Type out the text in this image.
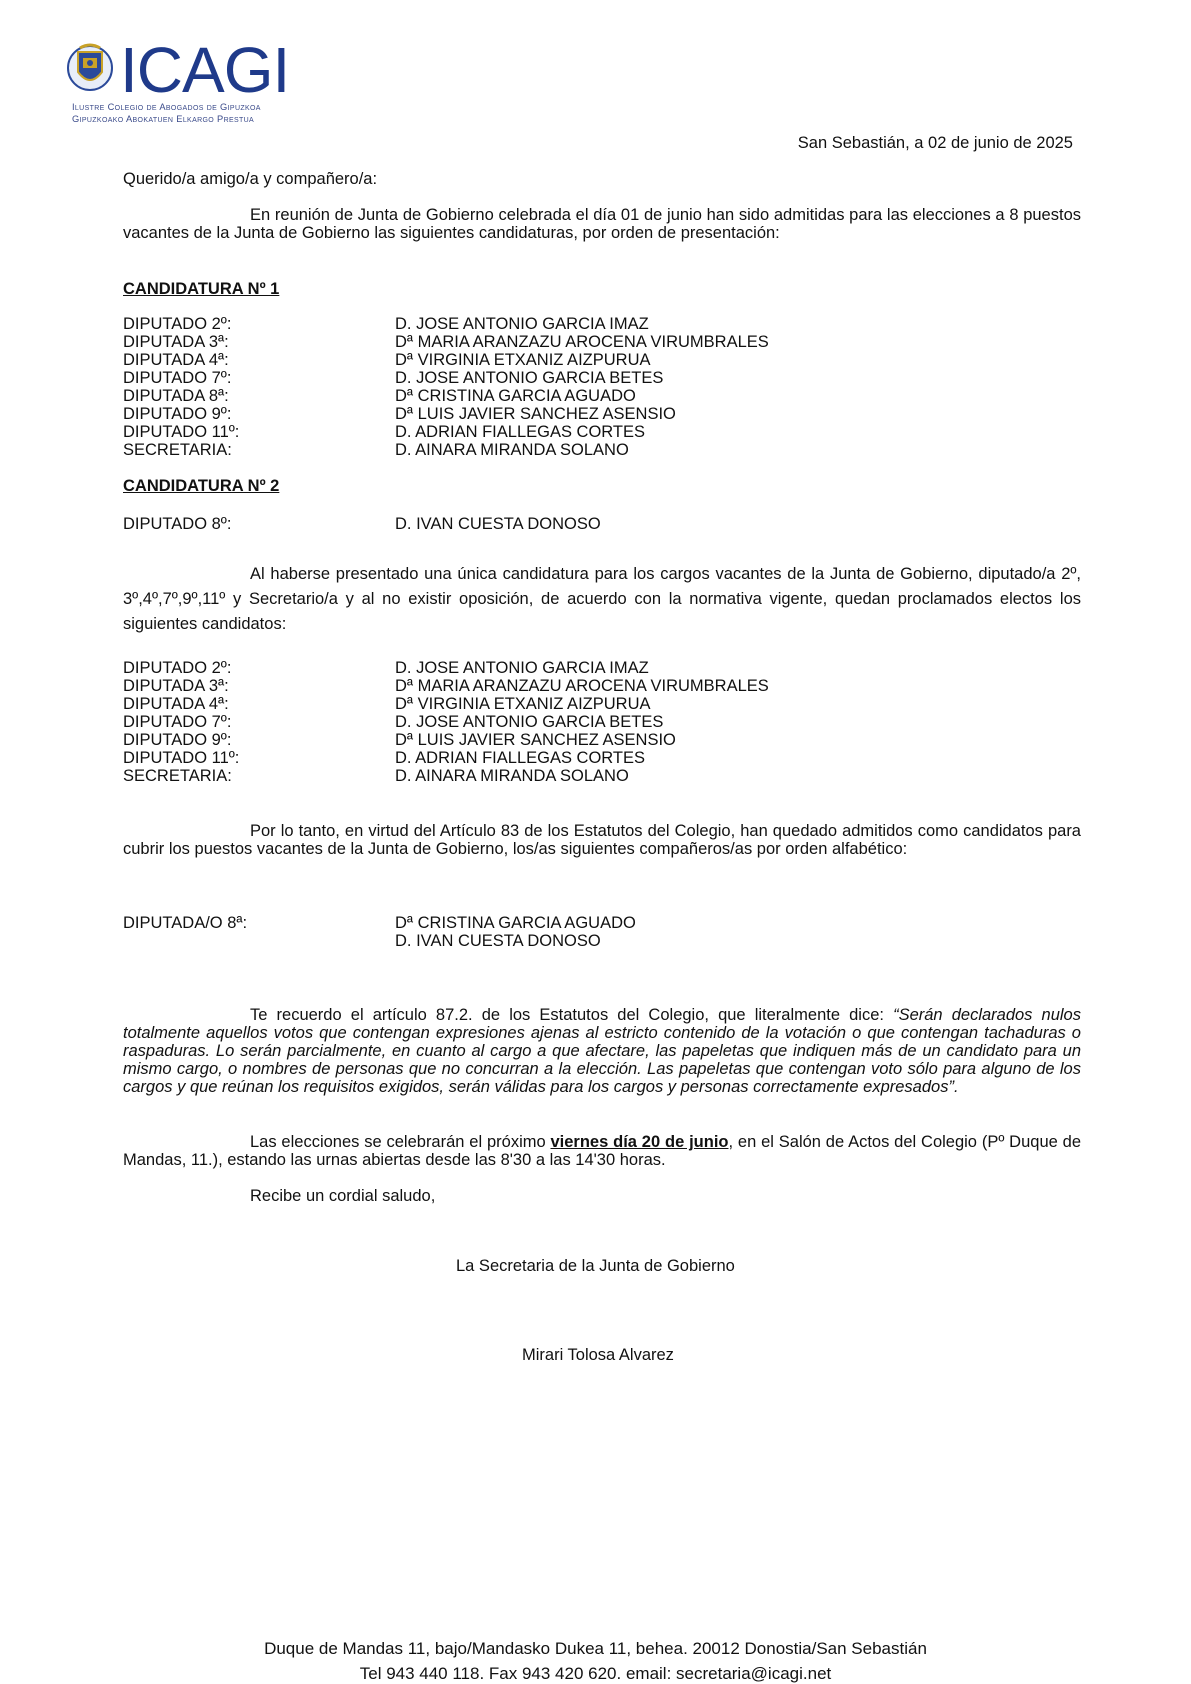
ICAGI
Ilustre Colegio de Abogados de Gipuzkoa
Gipuzkoako Abokatuen Elkargo Prestua
San Sebastián, a 02 de junio de 2025
Querido/a amigo/a y compañero/a:
En reunión de Junta de Gobierno celebrada el día 01 de junio han sido admitidas para las elecciones a 8 puestos vacantes de la Junta de Gobierno las siguientes candidaturas, por orden de presentación:
CANDIDATURA Nº 1
DIPUTADO 2º:	D. JOSE ANTONIO GARCIA IMAZ
DIPUTADA 3ª:	Dª MARIA ARANZAZU AROCENA VIRUMBRALES
DIPUTADA 4ª:	Dª VIRGINIA ETXANIZ AIZPURUA
DIPUTADO 7º:	D. JOSE ANTONIO GARCIA BETES
DIPUTADA 8ª:	Dª CRISTINA GARCIA AGUADO
DIPUTADO 9º:	Dª LUIS JAVIER SANCHEZ ASENSIO
DIPUTADO 11º:	D. ADRIAN FIALLEGAS CORTES
SECRETARIA:	D. AINARA MIRANDA SOLANO
CANDIDATURA Nº 2
DIPUTADO 8º:	D. IVAN CUESTA DONOSO
Al haberse presentado una única candidatura para los cargos vacantes de la Junta de Gobierno, diputado/a 2º, 3º,4º,7º,9º,11º y Secretario/a y al no existir oposición, de acuerdo con la normativa vigente, quedan proclamados electos los siguientes candidatos:
DIPUTADO 2º:	D. JOSE ANTONIO GARCIA IMAZ
DIPUTADA 3ª:	Dª MARIA ARANZAZU AROCENA VIRUMBRALES
DIPUTADA 4ª:	Dª VIRGINIA ETXANIZ AIZPURUA
DIPUTADO 7º:	D. JOSE ANTONIO GARCIA BETES
DIPUTADO 9º:	Dª LUIS JAVIER SANCHEZ ASENSIO
DIPUTADO 11º:	D. ADRIAN FIALLEGAS CORTES
SECRETARIA:	D. AINARA MIRANDA SOLANO
Por lo tanto, en virtud del Artículo 83 de los Estatutos del Colegio, han quedado admitidos como candidatos para cubrir los puestos vacantes de la Junta de Gobierno, los/as siguientes compañeros/as por orden alfabético:
DIPUTADA/O 8ª:	Dª CRISTINA GARCIA AGUADO
D. IVAN CUESTA DONOSO
Te recuerdo el artículo 87.2. de los Estatutos del Colegio, que literalmente dice: “Serán declarados nulos totalmente aquellos votos que contengan expresiones ajenas al estricto contenido de la votación o que contengan tachaduras o raspaduras. Lo serán parcialmente, en cuanto al cargo a que afectare, las papeletas que indiquen más de un candidato para un mismo cargo, o nombres de personas que no concurran a la elección. Las papeletas que contengan voto sólo para alguno de los cargos y que reúnan los requisitos exigidos, serán válidas para los cargos y personas correctamente expresados”.
Las elecciones se celebrarán el próximo viernes día 20 de junio, en el Salón de Actos del Colegio (Pº Duque de Mandas, 11.), estando las urnas abiertas desde las 8'30 a las 14'30 horas.
Recibe un cordial saludo,
La Secretaria de la Junta de Gobierno
Mirari Tolosa Alvarez
Duque de Mandas 11, bajo/Mandasko Dukea 11, behea. 20012 Donostia/San Sebastián
Tel 943 440 118. Fax 943 420 620. email: secretaria@icagi.net
